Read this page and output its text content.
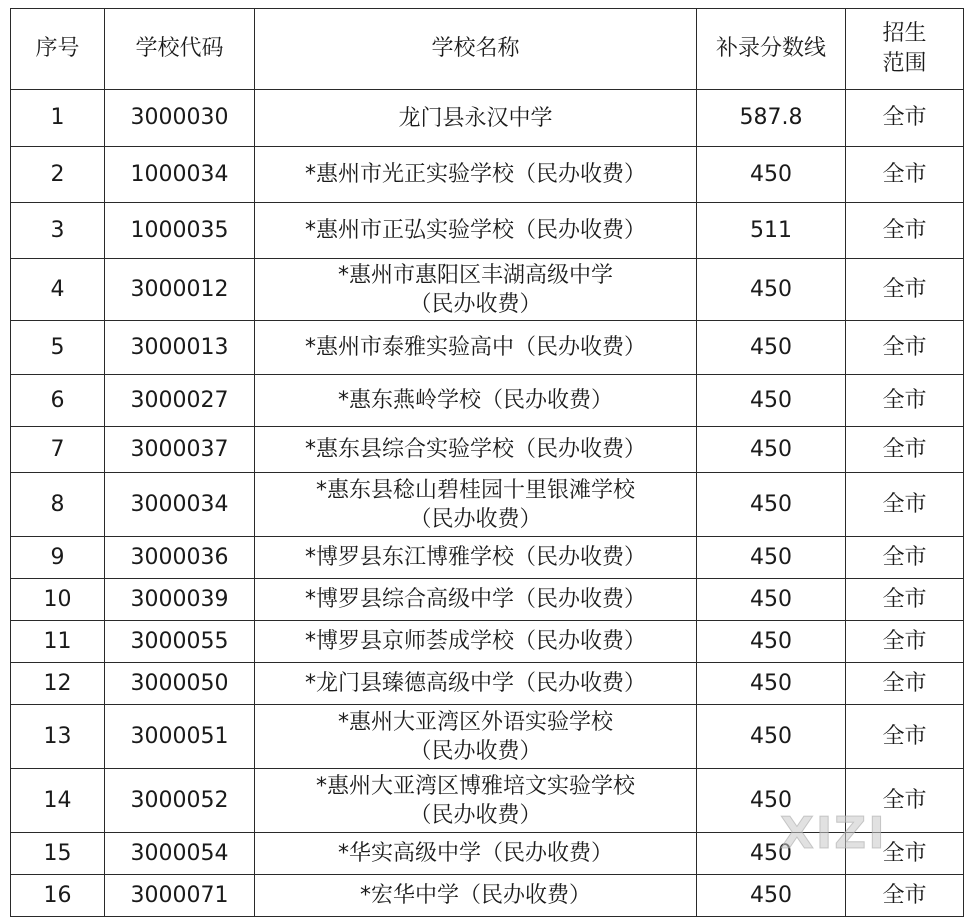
序号	学校代码	学校名称	补录分数线	招生
范围
1	3000030	龙门县永汉中学	587.8	全市
2	1000034	*惠州市光正实验学校（民办收费）	450	全市
3	1000035	*惠州市正弘实验学校（民办收费）	511	全市
4	3000012	*惠州市惠阳区丰湖高级中学
（民办收费）	450	全市
5	3000013	*惠州市泰雅实验高中（民办收费）	450	全市
6	3000027	*惠东燕岭学校（民办收费）	450	全市
7	3000037	*惠东县综合实验学校（民办收费）	450	全市
8	3000034	*惠东县稔山碧桂园十里银滩学校
（民办收费）	450	全市
9	3000036	*博罗县东江博雅学校（民办收费）	450	全市
10	3000039	*博罗县综合高级中学（民办收费）	450	全市
11	3000055	*博罗县京师荟成学校（民办收费）	450	全市
12	3000050	*龙门县臻德高级中学（民办收费）	450	全市
13	3000051	*惠州大亚湾区外语实验学校
（民办收费）	450	全市
14	3000052	*惠州大亚湾区博雅培文实验学校
（民办收费）	450	全市
15	3000054	*华实高级中学（民办收费）	450	全市
16	3000071	*宏华中学（民办收费）	450	全市
XIZI
